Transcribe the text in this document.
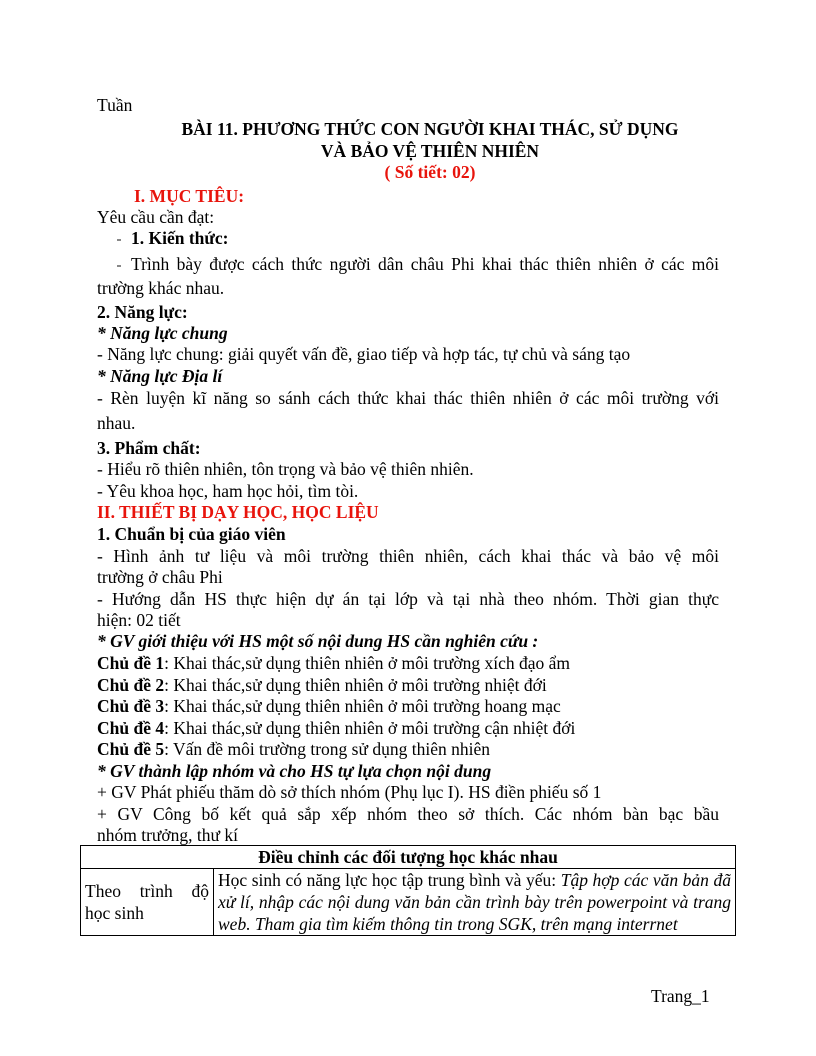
Tuần
BÀI 11. PHƯƠNG THỨC CON NGƯỜI KHAI THÁC, SỬ DỤNG
VÀ BẢO VỆ THIÊN NHIÊN
( Số tiết: 02)
I. MỤC TIÊU:
Yêu cầu cần đạt:
1. Kiến thức:
Trình bày được cách thức người dân châu Phi khai thác thiên nhiên ở các môi
trường khác nhau.
2. Năng lực:
* Năng lực chung
- Năng lực chung: giải quyết vấn đề, giao tiếp và hợp tác, tự chủ và sáng tạo
* Năng lực Địa lí
- Rèn luyện kĩ năng so sánh cách thức khai thác thiên nhiên ở các môi trường với
nhau.
3. Phẩm chất:
- Hiểu rõ thiên nhiên, tôn trọng và bảo vệ thiên nhiên.
- Yêu khoa học, ham học hỏi, tìm tòi.
II. THIẾT BỊ DẠY HỌC, HỌC LIỆU
1. Chuẩn bị của giáo viên
- Hình ảnh tư liệu và môi trường thiên nhiên, cách khai thác và bảo vệ môi
trường ở châu Phi
- Hướng dẫn HS thực hiện dự án tại lớp và tại nhà theo nhóm. Thời gian thực
hiện: 02 tiết
* GV giới thiệu với HS một số nội dung HS cần nghiên cứu :
Chủ đề 1: Khai thác,sử dụng thiên nhiên ở môi trường xích đạo ẩm
Chủ đề 2: Khai thác,sử dụng thiên nhiên ở môi trường nhiệt đới
Chủ đề 3: Khai thác,sử dụng thiên nhiên ở môi trường hoang mạc
Chủ đề 4: Khai thác,sử dụng thiên nhiên ở môi trường cận nhiệt đới
Chủ đề 5: Vấn đề môi trường trong sử dụng thiên nhiên
* GV thành lập nhóm và cho HS tự lựa chọn nội dung
+ GV Phát phiếu thăm dò sở thích nhóm (Phụ lục I). HS điền phiếu số 1
+ GV Công bố kết quả sắp xếp nhóm theo sở thích. Các nhóm bàn bạc bầu
nhóm trưởng, thư kí
Điều chỉnh các đối tượng học khác nhau
Theo trình độ học sinh	Học sinh có năng lực học tập trung bình và yếu: Tập hợp các văn bản đã xử lí, nhập các nội dung văn bản cần trình bày trên powerpoint và trang web. Tham gia tìm kiếm thông tin trong SGK, trên mạng interrnet
Trang_1
